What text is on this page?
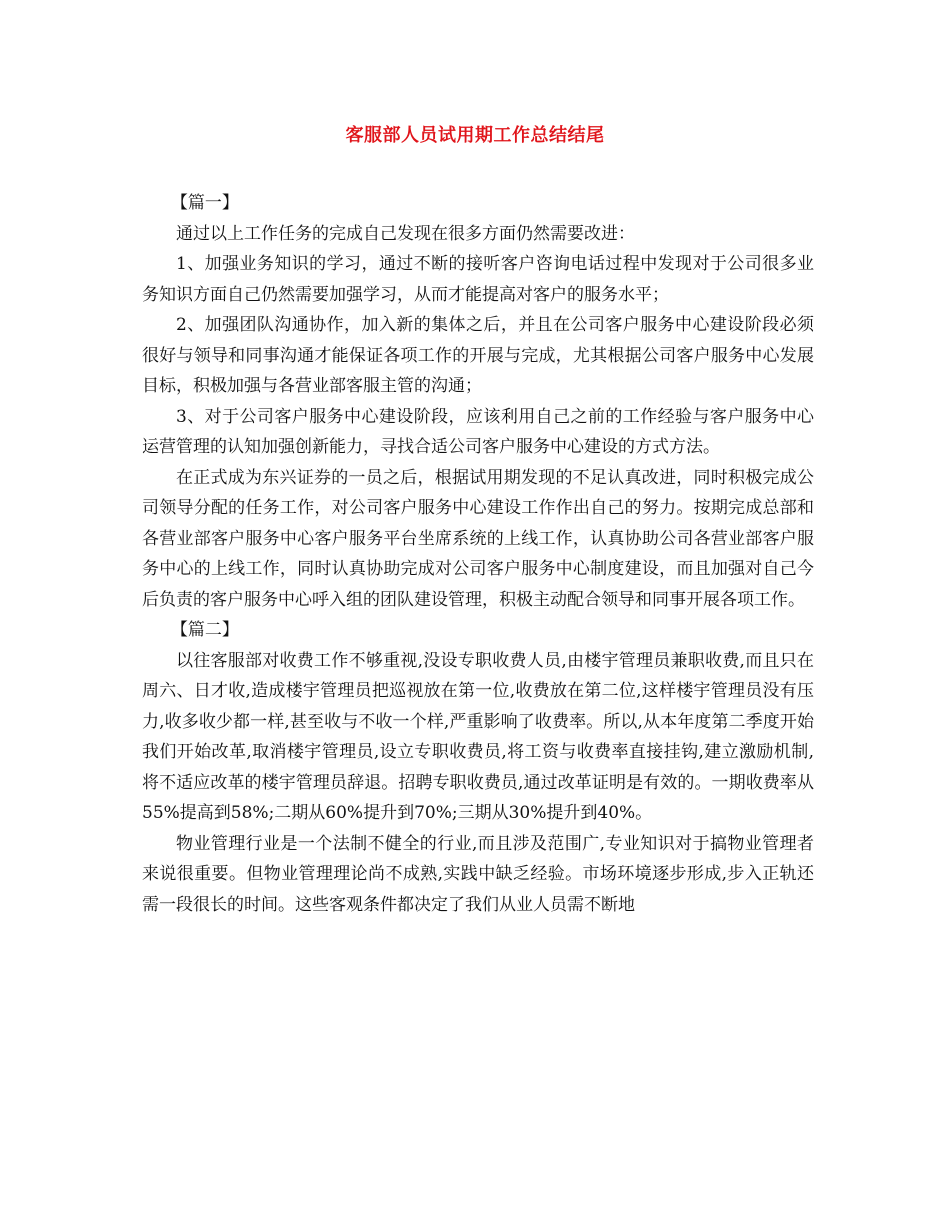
客服部人员试用期工作总结结尾

【篇一】

通过以上工作任务的完成自己发现在很多方面仍然需要改进：

1、加强业务知识的学习，通过不断的接听客户咨询电话过程中发现对于公司很多业务知识方面自己仍然需要加强学习，从而才能提高对客户的服务水平；

2、加强团队沟通协作，加入新的集体之后，并且在公司客户服务中心建设阶段必须很好与领导和同事沟通才能保证各项工作的开展与完成，尤其根据公司客户服务中心发展目标，积极加强与各营业部客服主管的沟通；

3、对于公司客户服务中心建设阶段，应该利用自己之前的工作经验与客户服务中心运营管理的认知加强创新能力，寻找合适公司客户服务中心建设的方式方法。

在正式成为东兴证券的一员之后，根据试用期发现的不足认真改进，同时积极完成公司领导分配的任务工作，对公司客户服务中心建设工作作出自己的努力。按期完成总部和各营业部客户服务中心客户服务平台坐席系统的上线工作，认真协助公司各营业部客户服务中心的上线工作，同时认真协助完成对公司客户服务中心制度建设，而且加强对自己今后负责的客户服务中心呼入组的团队建设管理，积极主动配合领导和同事开展各项工作。

【篇二】

以往客服部对收费工作不够重视,没设专职收费人员,由楼宇管理员兼职收费,而且只在周六、日才收,造成楼宇管理员把巡视放在第一位,收费放在第二位,这样楼宇管理员没有压力,收多收少都一样,甚至收与不收一个样,严重影响了收费率。所以,从本年度第二季度开始我们开始改革,取消楼宇管理员,设立专职收费员,将工资与收费率直接挂钩,建立激励机制,将不适应改革的楼宇管理员辞退。招聘专职收费员,通过改革证明是有效的。一期收费率从55%提高到58%;二期从60%提升到70%;三期从30%提升到40%。

物业管理行业是一个法制不健全的行业,而且涉及范围广,专业知识对于搞物业管理者来说很重要。但物业管理理论尚不成熟,实践中缺乏经验。市场环境逐步形成,步入正轨还需一段很长的时间。这些客观条件都决定了我们从业人员需不断地
